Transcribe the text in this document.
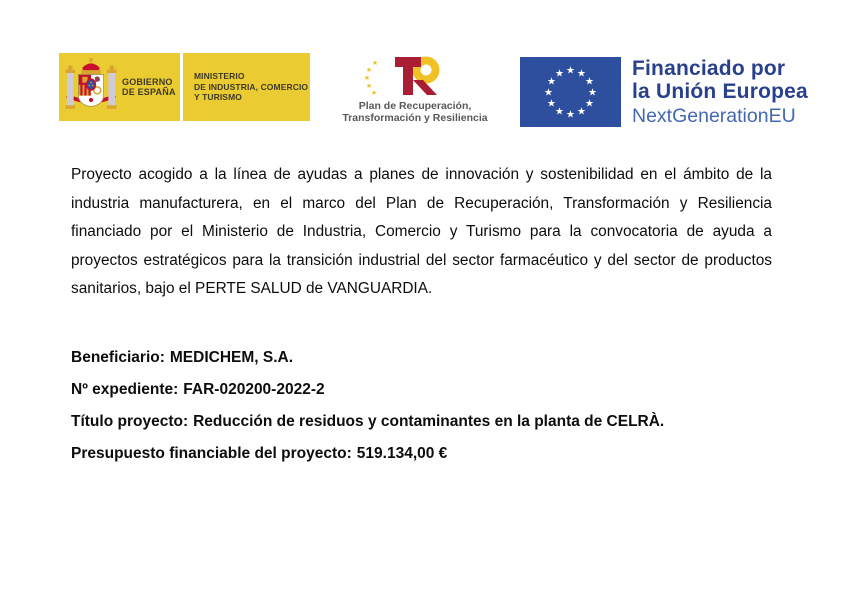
GOBIERNO
DE ESPAÑA
MINISTERIO
DE INDUSTRIA, COMERCIO
Y TURISMO
★
★
★
★
★
Plan de Recuperación,
Transformación y Resiliencia
★ ★
★
★
★
★
★
★
★
★
★
★	Financiado por
la Unión Europea
NextGenerationEU

Proyecto acogido a la línea de ayudas a planes de innovación y sostenibilidad en el ámbito de la industria manufacturera, en el marco del Plan de Recuperación, Transformación y Resiliencia financiado por el Ministerio de Industria, Comercio y Turismo para la convocatoria de ayuda a proyectos estratégicos para la transición industrial del sector farmacéutico y del sector de productos sanitarios, bajo el PERTE SALUD de VANGUARDIA.

Beneficiario: MEDICHEM, S.A.
Nº expediente: FAR-020200-2022-2
Título proyecto: Reducción de residuos y contaminantes en la planta de CELRÀ.
Presupuesto financiable del proyecto: 519.134,00 €
